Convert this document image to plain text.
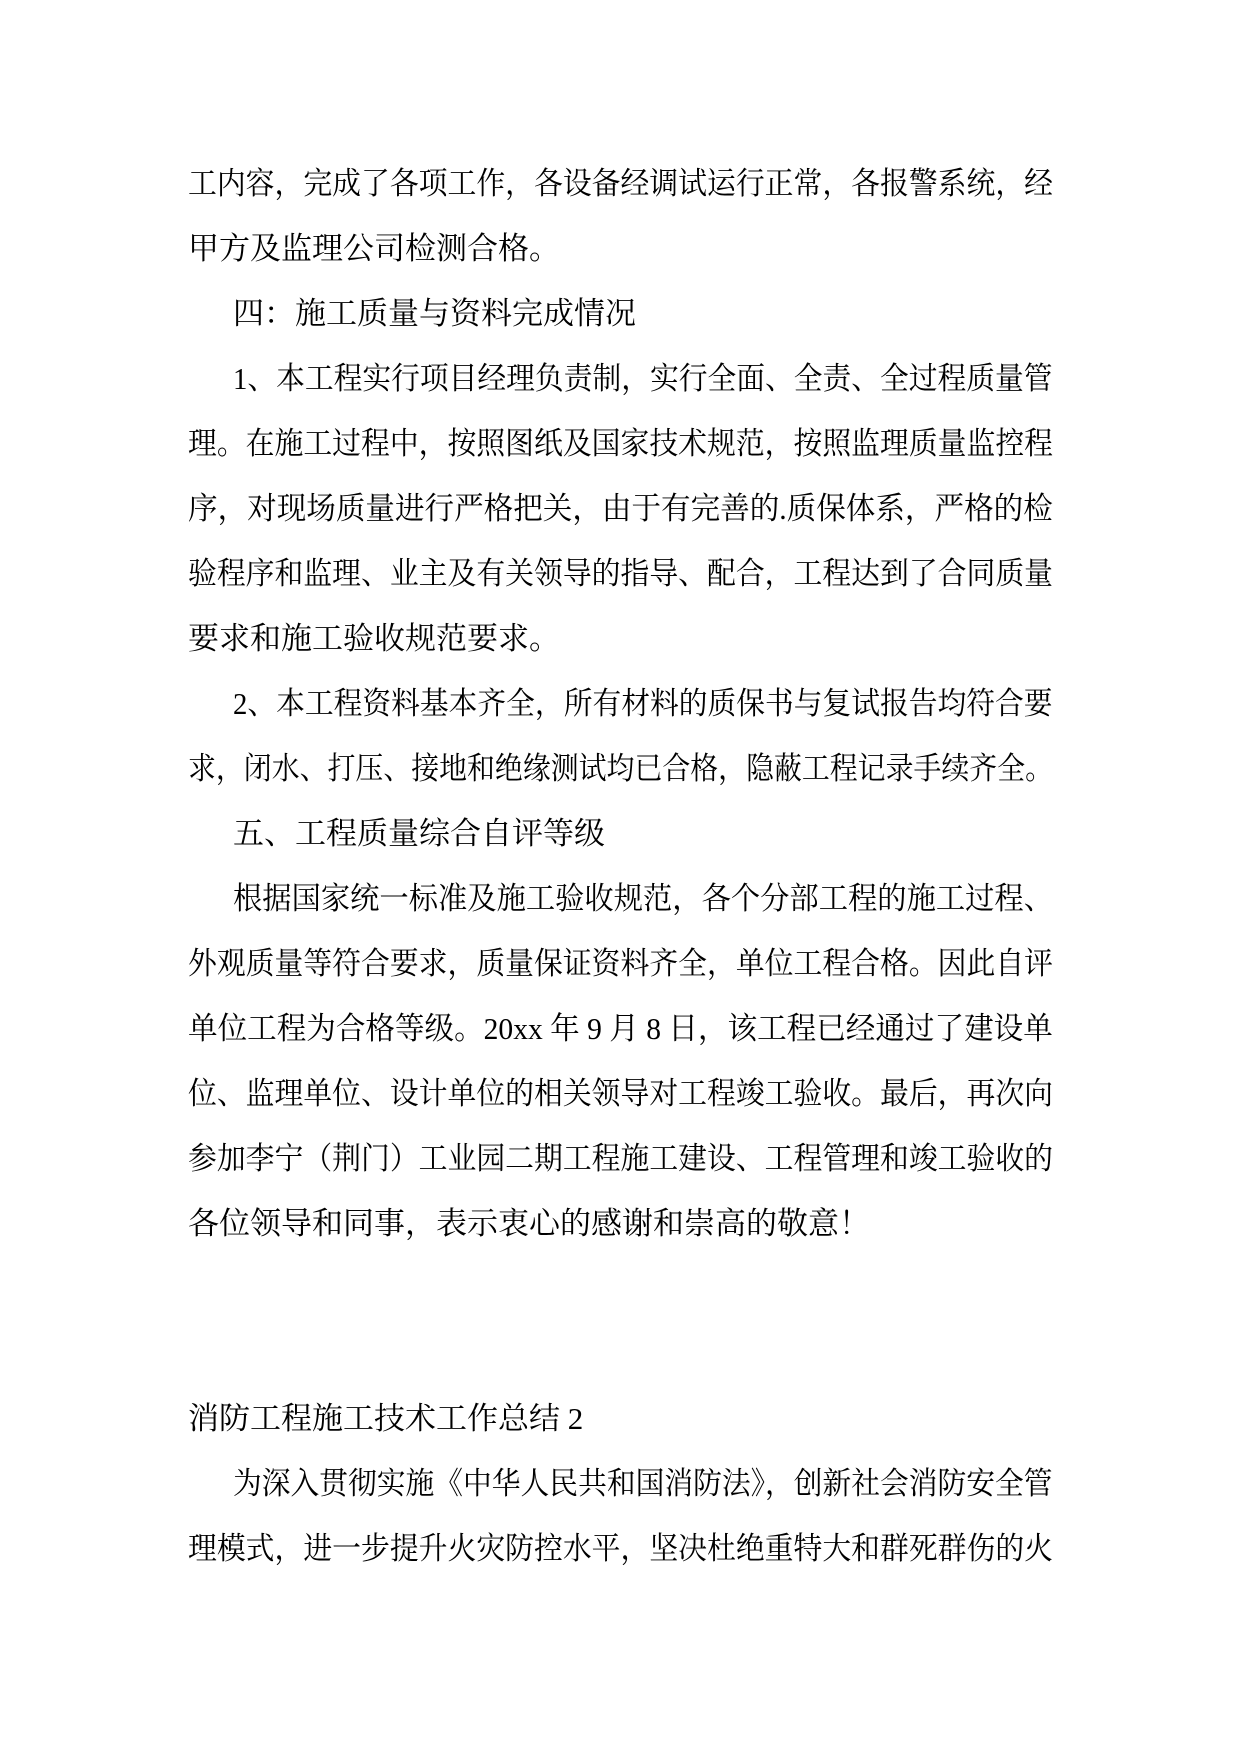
工内容，完成了各项工作，各设备经调试运行正常，各报警系统，经
甲方及监理公司检测合格。
四：施工质量与资料完成情况
1、本工程实行项目经理负责制，实行全面、全责、全过程质量管
理。在施工过程中，按照图纸及国家技术规范，按照监理质量监控程
序，对现场质量进行严格把关，由于有完善的.质保体系，严格的检
验程序和监理、业主及有关领导的指导、配合，工程达到了合同质量
要求和施工验收规范要求。
2、本工程资料基本齐全，所有材料的质保书与复试报告均符合要
求，闭水、打压、接地和绝缘测试均已合格，隐蔽工程记录手续齐全。
五、工程质量综合自评等级
根据国家统一标准及施工验收规范，各个分部工程的施工过程、
外观质量等符合要求，质量保证资料齐全，单位工程合格。因此自评
单位工程为合格等级。20xx 年 9 月 8 日，该工程已经通过了建设单
位、监理单位、设计单位的相关领导对工程竣工验收。最后，再次向
参加李宁（荆门）工业园二期工程施工建设、工程管理和竣工验收的
各位领导和同事，表示衷心的感谢和崇高的敬意！
消防工程施工技术工作总结 2
为深入贯彻实施《中华人民共和国消防法》，创新社会消防安全管
理模式，进一步提升火灾防控水平，坚决杜绝重特大和群死群伤的火
